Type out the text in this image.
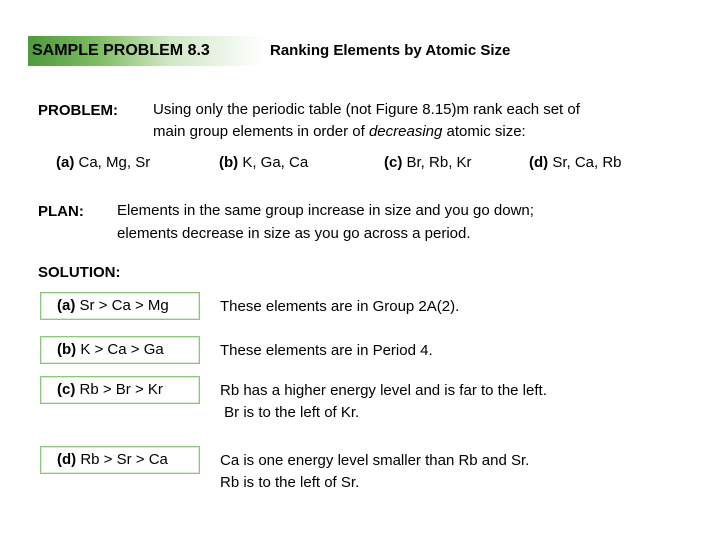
SAMPLE PROBLEM 8.3	Ranking Elements by Atomic Size
PROBLEM: Using only the periodic table (not Figure 8.15)m rank each set of
main group elements in order of decreasing atomic size:
(a) Ca, Mg, Sr	(b) K, Ga, Ca	(c) Br, Rb, Kr	(d) Sr, Ca, Rb
PLAN: Elements in the same group increase in size and you go down;
elements decrease in size as you go across a period.
SOLUTION:
(a) Sr > Ca > Mg	These elements are in Group 2A(2).
(b) K > Ca > Ga	These elements are in Period 4.
(c) Rb > Br > Kr	Rb has a higher energy level and is far to the left.
Br is to the left of Kr.
(d) Rb > Sr > Ca	Ca is one energy level smaller than Rb and Sr.
Rb is to the left of Sr.
